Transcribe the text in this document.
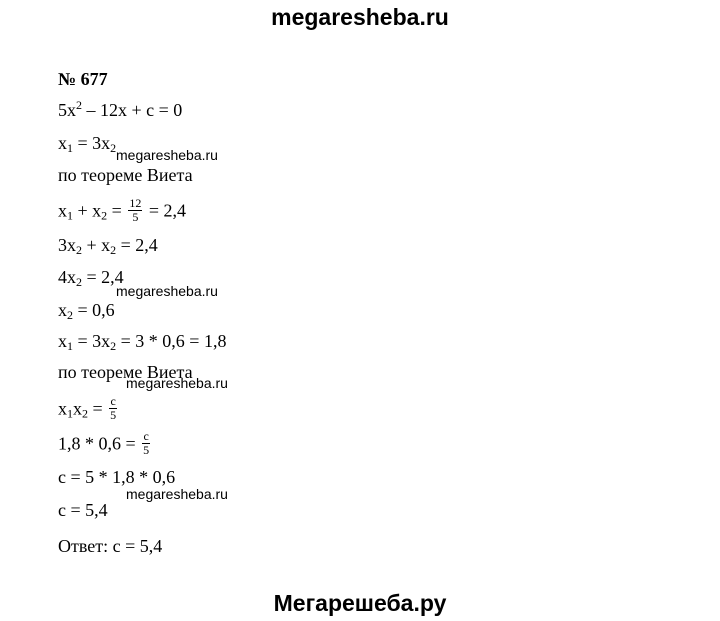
megaresheba.ru
№ 677
$5x^2 - 12x + c = 0$
$x_1 = 3x_2$
по теореме Виета
$x_1 + x_2 = \frac{12}{5} = 2,4$
$3x_2 + x_2 = 2,4$
$4x_2 = 2,4$
$x_2 = 0,6$
$x_1 = 3x_2 = 3 * 0,6 = 1,8$
по теореме Виета
$x_1x_2 = \frac{c}{5}$
$1,8 * 0,6 = \frac{c}{5}$
c = 5 * 1,8 * 0,6
c = 5,4
Ответ: c = 5,4
megaresheba.ru
megaresheba.ru
megaresheba.ru
megaresheba.ru
Мегарешеба.ру
